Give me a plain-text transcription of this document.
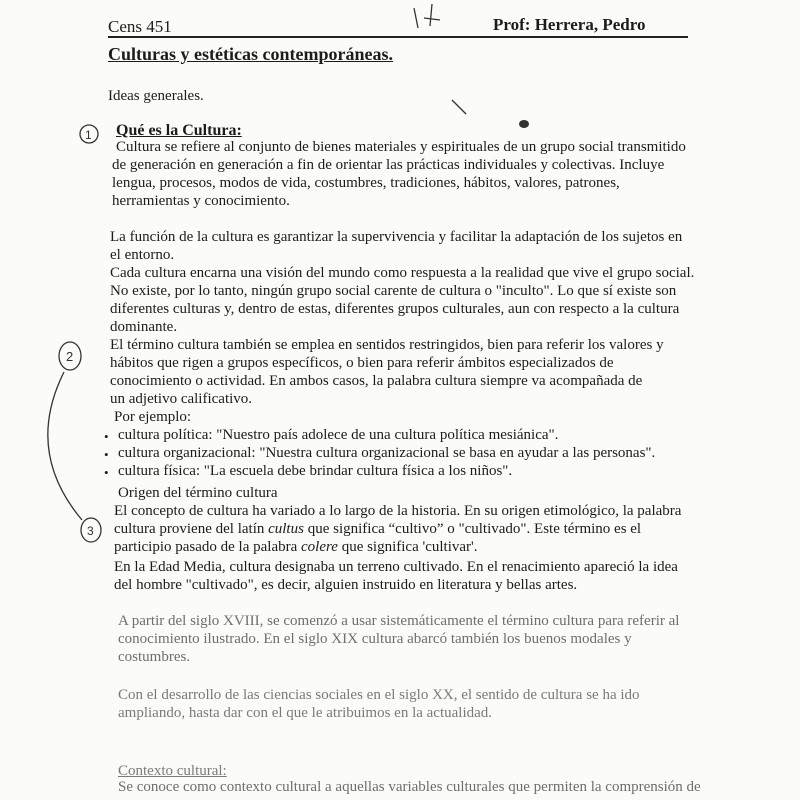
Cens 451	Prof: Herrera, Pedro
Culturas y estéticas contemporáneas.
Ideas generales.
Qué es la Cultura:
Cultura se refiere al conjunto de bienes materiales y espirituales de un grupo social transmitido
de generación en generación a fin de orientar las prácticas individuales y colectivas. Incluye
lengua, procesos, modos de vida, costumbres, tradiciones, hábitos, valores, patrones,
herramientas y conocimiento.
La función de la cultura es garantizar la supervivencia y facilitar la adaptación de los sujetos en
el entorno.
Cada cultura encarna una visión del mundo como respuesta a la realidad que vive el grupo social.
No existe, por lo tanto, ningún grupo social carente de cultura o "inculto". Lo que sí existe son
diferentes culturas y, dentro de estas, diferentes grupos culturales, aun con respecto a la cultura
dominante.
El término cultura también se emplea en sentidos restringidos, bien para referir los valores y
hábitos que rigen a grupos específicos, o bien para referir ámbitos especializados de
conocimiento o actividad. En ambos casos, la palabra cultura siempre va acompañada de
un adjetivo calificativo.
Por ejemplo:
• cultura política: "Nuestro país adolece de una cultura política mesiánica".
• cultura organizacional: "Nuestra cultura organizacional se basa en ayudar a las personas".
• cultura física: "La escuela debe brindar cultura física a los niños".
Origen del término cultura
El concepto de cultura ha variado a lo largo de la historia. En su origen etimológico, la palabra
cultura proviene del latín cultus que significa “cultivo” o "cultivado". Este término es el
participio pasado de la palabra colere que significa 'cultivar'.
En la Edad Media, cultura designaba un terreno cultivado. En el renacimiento apareció la idea
del hombre "cultivado", es decir, alguien instruido en literatura y bellas artes.
A partir del siglo XVIII, se comenzó a usar sistemáticamente el término cultura para referir al
conocimiento ilustrado. En el siglo XIX cultura abarcó también los buenos modales y
costumbres.
Con el desarrollo de las ciencias sociales en el siglo XX, el sentido de cultura se ha ido
ampliando, hasta dar con el que le atribuimos en la actualidad.
Contexto cultural:
Se conoce como contexto cultural a aquellas variables culturales que permiten la comprensión de
1
2
3
